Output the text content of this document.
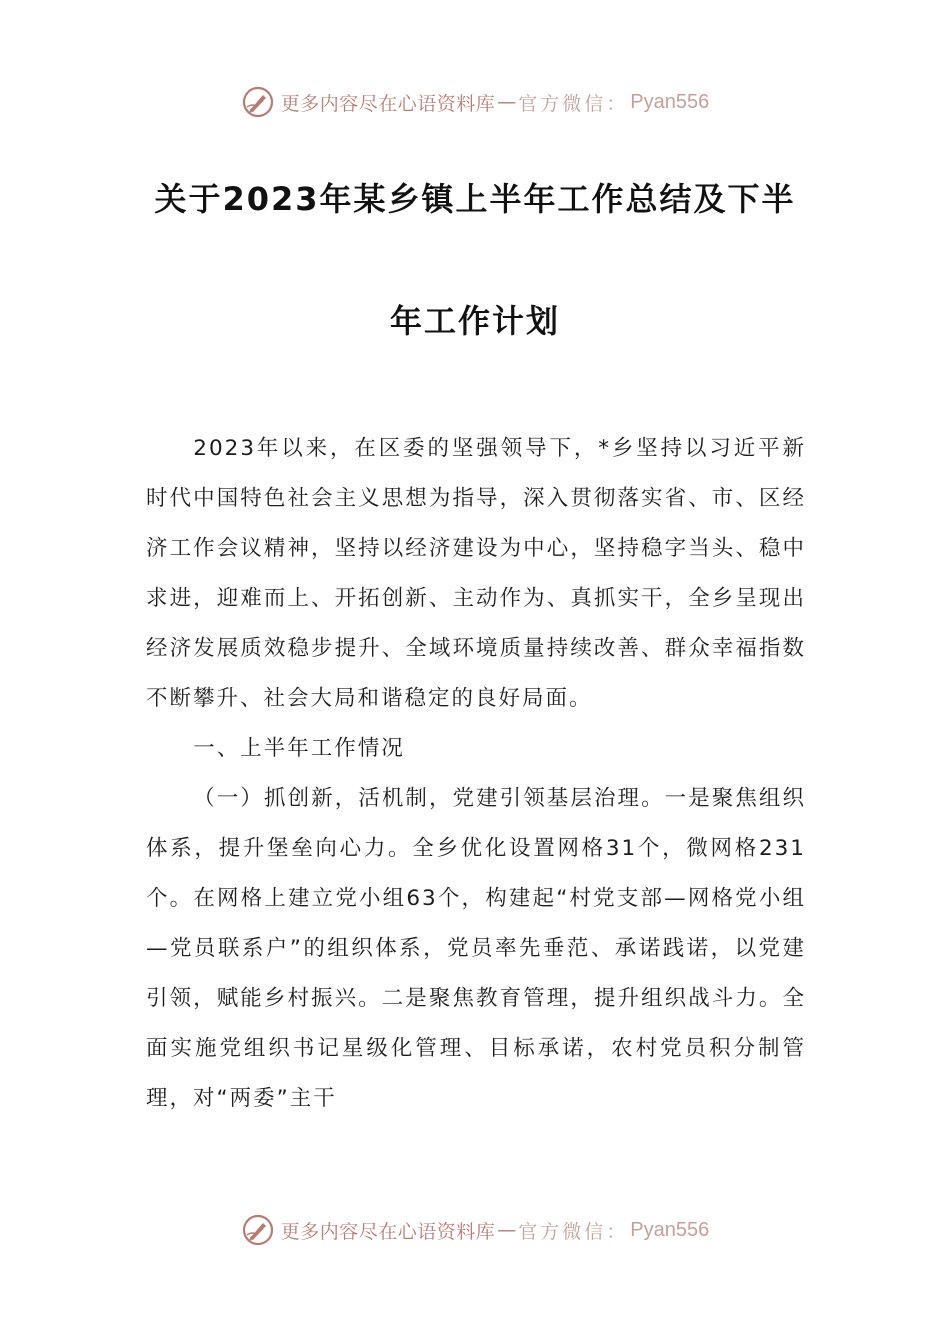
更多内容尽在心语资料库 — 官方微信： Pyan556
关于2023年某乡镇上半年工作总结及下半
年工作计划

2023年以来，在区委的坚强领导下，*乡坚持以习近平新时代中国特色社会主义思想为指导，深入贯彻落实省、市、区经济工作会议精神，坚持以经济建设为中心，坚持稳字当头、稳中求进，迎难而上、开拓创新、主动作为、真抓实干，全乡呈现出经济发展质效稳步提升、全域环境质量持续改善、群众幸福指数不断攀升、社会大局和谐稳定的良好局面。

一、上半年工作情况

（一）抓创新，活机制，党建引领基层治理。一是聚焦组织体系，提升堡垒向心力。全乡优化设置网格31个，微网格231个。在网格上建立党小组63个，构建起“村党支部—网格党小组—党员联系户”的组织体系，党员率先垂范、承诺践诺，以党建引领，赋能乡村振兴。二是聚焦教育管理，提升组织战斗力。全面实施党组织书记星级化管理、目标承诺，农村党员积分制管理，对“两委”主干

更多内容尽在心语资料库 — 官方微信： Pyan556
